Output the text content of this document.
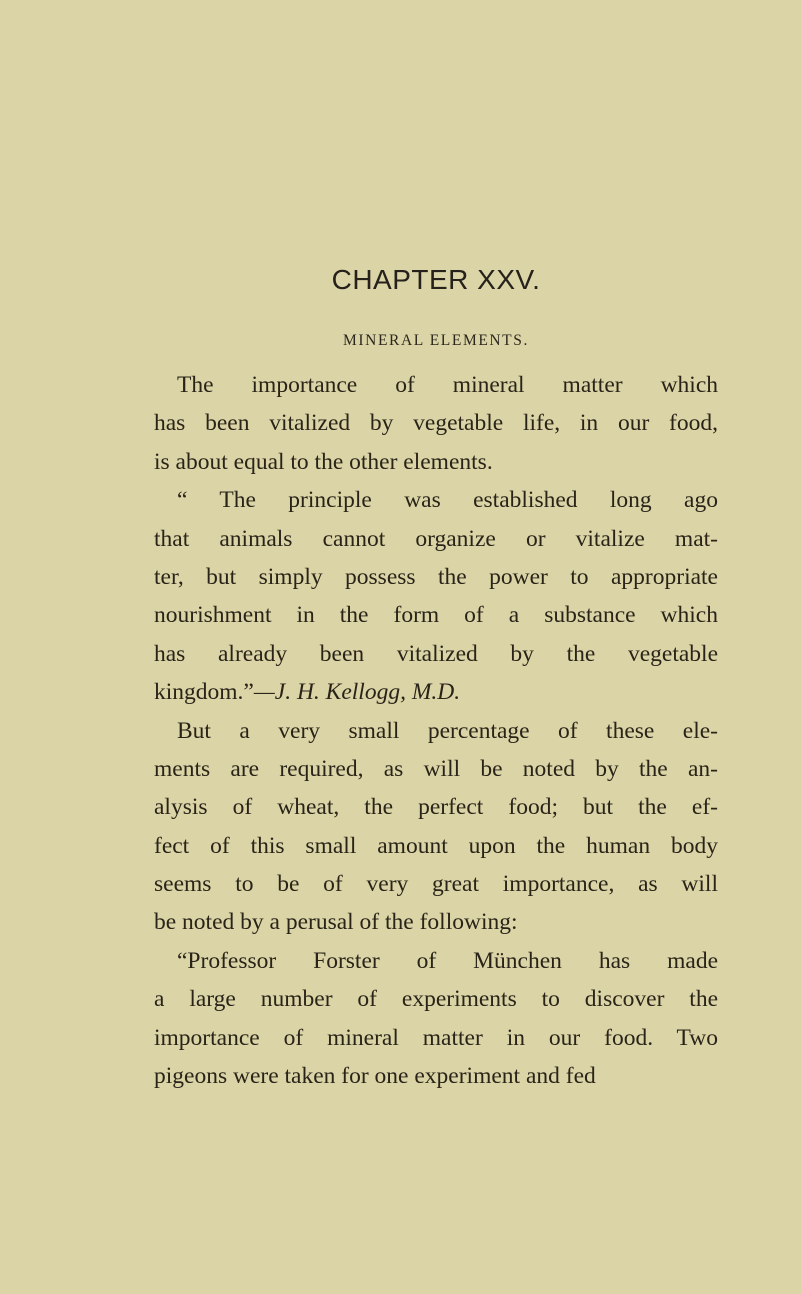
CHAPTER XXV.
MINERAL ELEMENTS.
The importance of mineral matter which
has been vitalized by vegetable life, in our food,
is about equal to the other elements.
“ The principle was established long ago
that animals cannot organize or vitalize mat-
ter, but simply possess the power to appropriate
nourishment in the form of a substance which
has already been vitalized by the vegetable
kingdom.”—J. H. Kellogg, M.D.
But a very small percentage of these ele-
ments are required, as will be noted by the an-
alysis of wheat, the perfect food; but the ef-
fect of this small amount upon the human body
seems to be of very great importance, as will
be noted by a perusal of the following:
“Professor Forster of München has made
a large number of experiments to discover the
importance of mineral matter in our food. Two
pigeons were taken for one experiment and fed
